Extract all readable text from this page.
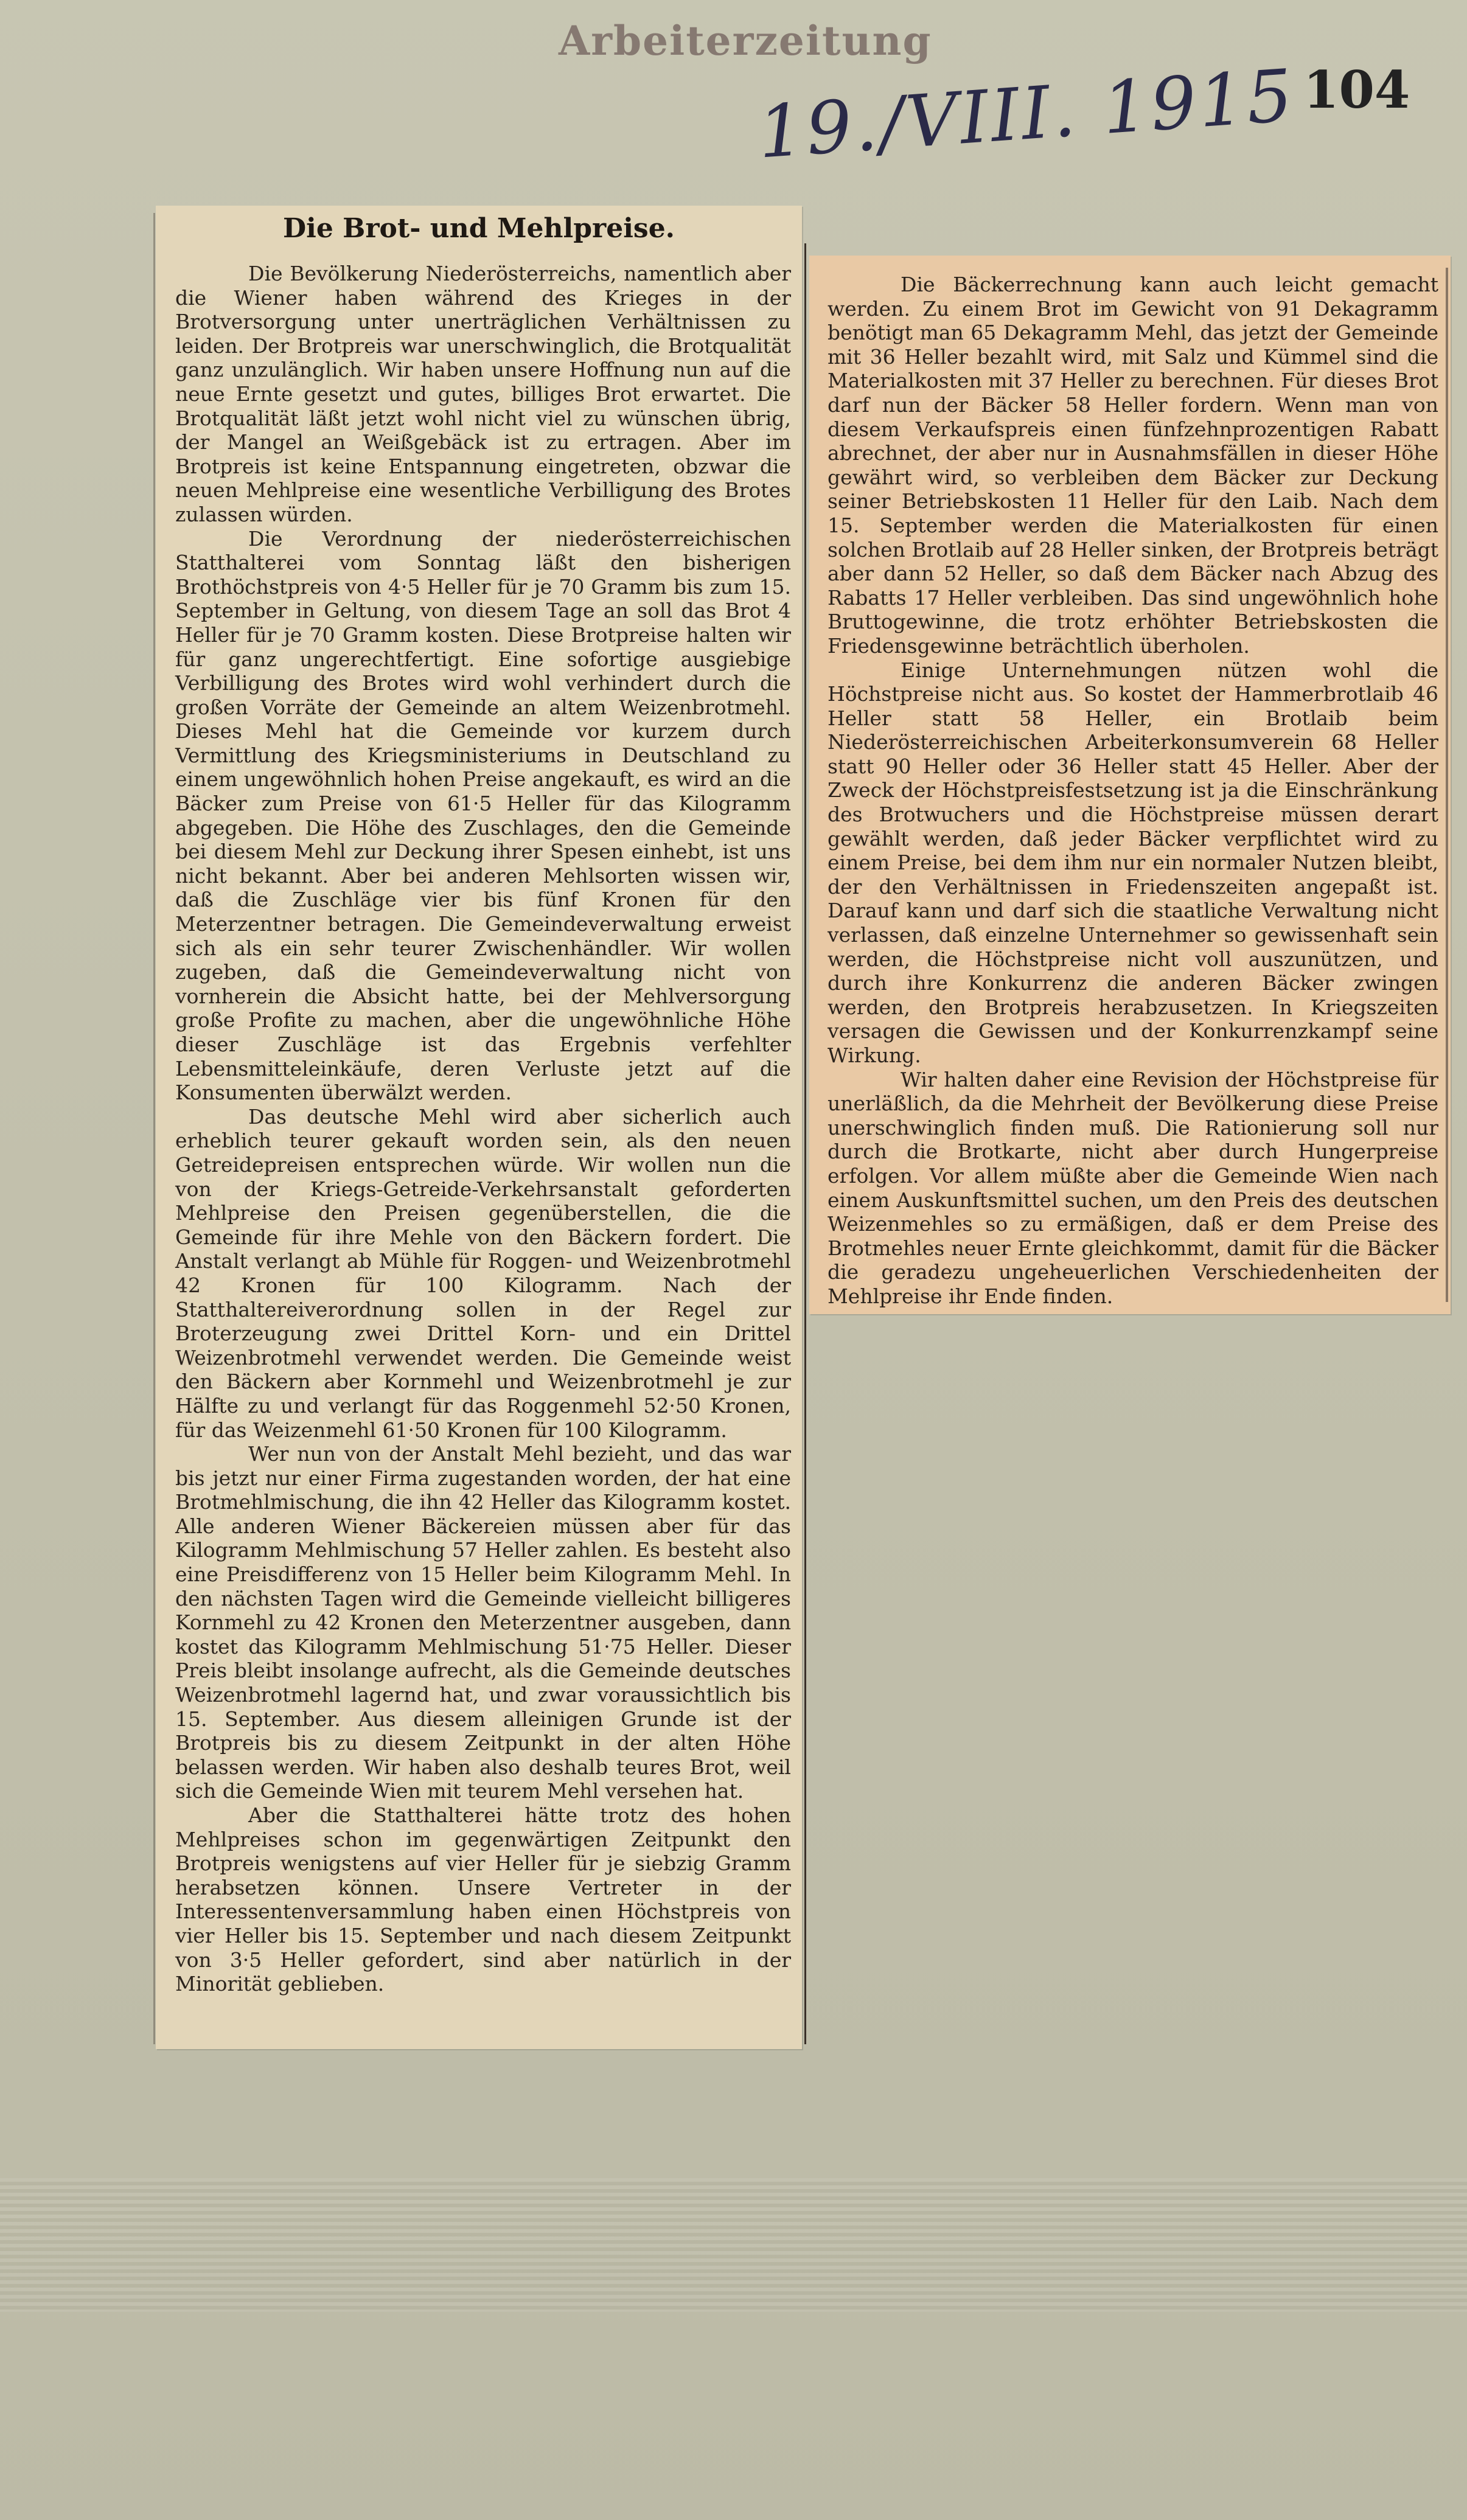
Arbeiterzeitung
19./VIII. 1915 104
Die Brot- und Mehlpreise.

Die Bevölkerung Niederösterreichs, namentlich aber die Wiener haben während des Krieges in der Brotversorgung unter unerträglichen Verhältnissen zu leiden. Der Brotpreis war unerschwinglich, die Brotqualität ganz unzulänglich. Wir haben unsere Hoffnung nun auf die neue Ernte gesetzt und gutes, billiges Brot erwartet. Die Brotqualität läßt jetzt wohl nicht viel zu wünschen übrig, der Mangel an Weißgebäck ist zu ertragen. Aber im Brotpreis ist keine Entspannung eingetreten, obzwar die neuen Mehlpreise eine wesentliche Verbilligung des Brotes zulassen würden.

Die Verordnung der niederösterreichischen Statthalterei vom Sonntag läßt den bisherigen Brothöchstpreis von 4·5 Heller für je 70 Gramm bis zum 15. September in Geltung, von diesem Tage an soll das Brot 4 Heller für je 70 Gramm kosten. Diese Brotpreise halten wir für ganz ungerechtfertigt. Eine sofortige ausgiebige Verbilligung des Brotes wird wohl verhindert durch die großen Vorräte der Gemeinde an altem Weizenbrotmehl. Dieses Mehl hat die Gemeinde vor kurzem durch Vermittlung des Kriegsministeriums in Deutschland zu einem ungewöhnlich hohen Preise angekauft, es wird an die Bäcker zum Preise von 61·5 Heller für das Kilogramm abgegeben. Die Höhe des Zuschlages, den die Gemeinde bei diesem Mehl zur Deckung ihrer Spesen einhebt, ist uns nicht bekannt. Aber bei anderen Mehlsorten wissen wir, daß die Zuschläge vier bis fünf Kronen für den Meterzentner betragen. Die Gemeindeverwaltung erweist sich als ein sehr teurer Zwischenhändler. Wir wollen zugeben, daß die Gemeindeverwaltung nicht von vornherein die Absicht hatte, bei der Mehlversorgung große Profite zu machen, aber die ungewöhnliche Höhe dieser Zuschläge ist das Ergebnis verfehlter Lebensmitteleinkäufe, deren Verluste jetzt auf die Konsumenten überwälzt werden.

Das deutsche Mehl wird aber sicherlich auch erheblich teurer gekauft worden sein, als den neuen Getreidepreisen entsprechen würde. Wir wollen nun die von der Kriegs-Getreide-Verkehrsanstalt geforderten Mehlpreise den Preisen gegenüberstellen, die die Gemeinde für ihre Mehle von den Bäckern fordert. Die Anstalt verlangt ab Mühle für Roggen- und Weizenbrotmehl 42 Kronen für 100 Kilogramm. Nach der Statthaltereiverordnung sollen in der Regel zur Broterzeugung zwei Drittel Korn- und ein Drittel Weizenbrotmehl verwendet werden. Die Gemeinde weist den Bäckern aber Kornmehl und Weizenbrotmehl je zur Hälfte zu und verlangt für das Roggenmehl 52·50 Kronen, für das Weizenmehl 61·50 Kronen für 100 Kilogramm.

Wer nun von der Anstalt Mehl bezieht, und das war bis jetzt nur einer Firma zugestanden worden, der hat eine Brotmehlmischung, die ihn 42 Heller das Kilogramm kostet. Alle anderen Wiener Bäckereien müssen aber für das Kilogramm Mehlmischung 57 Heller zahlen. Es besteht also eine Preisdifferenz von 15 Heller beim Kilogramm Mehl. In den nächsten Tagen wird die Gemeinde vielleicht billigeres Kornmehl zu 42 Kronen den Meterzentner ausgeben, dann kostet das Kilogramm Mehlmischung 51·75 Heller. Dieser Preis bleibt insolange aufrecht, als die Gemeinde deutsches Weizenbrotmehl lagernd hat, und zwar voraussichtlich bis 15. September. Aus diesem alleinigen Grunde ist der Brotpreis bis zu diesem Zeitpunkt in der alten Höhe belassen werden. Wir haben also deshalb teures Brot, weil sich die Gemeinde Wien mit teurem Mehl versehen hat.

Aber die Statthalterei hätte trotz des hohen Mehlpreises schon im gegenwärtigen Zeitpunkt den Brotpreis wenigstens auf vier Heller für je siebzig Gramm herabsetzen können. Unsere Vertreter in der Interessentenversammlung haben einen Höchstpreis von vier Heller bis 15. September und nach diesem Zeitpunkt von 3·5 Heller gefordert, sind aber natürlich in der Minorität geblieben.

Die Bäckerrechnung kann auch leicht gemacht werden. Zu einem Brot im Gewicht von 91 Dekagramm benötigt man 65 Dekagramm Mehl, das jetzt der Gemeinde mit 36 Heller bezahlt wird, mit Salz und Kümmel sind die Materialkosten mit 37 Heller zu berechnen. Für dieses Brot darf nun der Bäcker 58 Heller fordern. Wenn man von diesem Verkaufspreis einen fünfzehnprozentigen Rabatt abrechnet, der aber nur in Ausnahmsfällen in dieser Höhe gewährt wird, so verbleiben dem Bäcker zur Deckung seiner Betriebskosten 11 Heller für den Laib. Nach dem 15. September werden die Materialkosten für einen solchen Brotlaib auf 28 Heller sinken, der Brotpreis beträgt aber dann 52 Heller, so daß dem Bäcker nach Abzug des Rabatts 17 Heller verbleiben. Das sind ungewöhnlich hohe Bruttogewinne, die trotz erhöhter Betriebskosten die Friedensgewinne beträchtlich überholen.

Einige Unternehmungen nützen wohl die Höchstpreise nicht aus. So kostet der Hammerbrotlaib 46 Heller statt 58 Heller, ein Brotlaib beim Niederösterreichischen Arbeiterkonsumverein 68 Heller statt 90 Heller oder 36 Heller statt 45 Heller. Aber der Zweck der Höchstpreisfestsetzung ist ja die Einschränkung des Brotwuchers und die Höchstpreise müssen derart gewählt werden, daß jeder Bäcker verpflichtet wird zu einem Preise, bei dem ihm nur ein normaler Nutzen bleibt, der den Verhältnissen in Friedenszeiten angepaßt ist. Darauf kann und darf sich die staatliche Verwaltung nicht verlassen, daß einzelne Unternehmer so gewissenhaft sein werden, die Höchstpreise nicht voll auszunützen, und durch ihre Konkurrenz die anderen Bäcker zwingen werden, den Brotpreis herabzusetzen. In Kriegszeiten versagen die Gewissen und der Konkurrenzkampf seine Wirkung.

Wir halten daher eine Revision der Höchstpreise für unerläßlich, da die Mehrheit der Bevölkerung diese Preise unerschwinglich finden muß. Die Rationierung soll nur durch die Brotkarte, nicht aber durch Hungerpreise erfolgen. Vor allem müßte aber die Gemeinde Wien nach einem Auskunftsmittel suchen, um den Preis des deutschen Weizenmehles so zu ermäßigen, daß er dem Preise des Brotmehles neuer Ernte gleichkommt, damit für die Bäcker die geradezu ungeheuerlichen Verschiedenheiten der Mehlpreise ihr Ende finden.
